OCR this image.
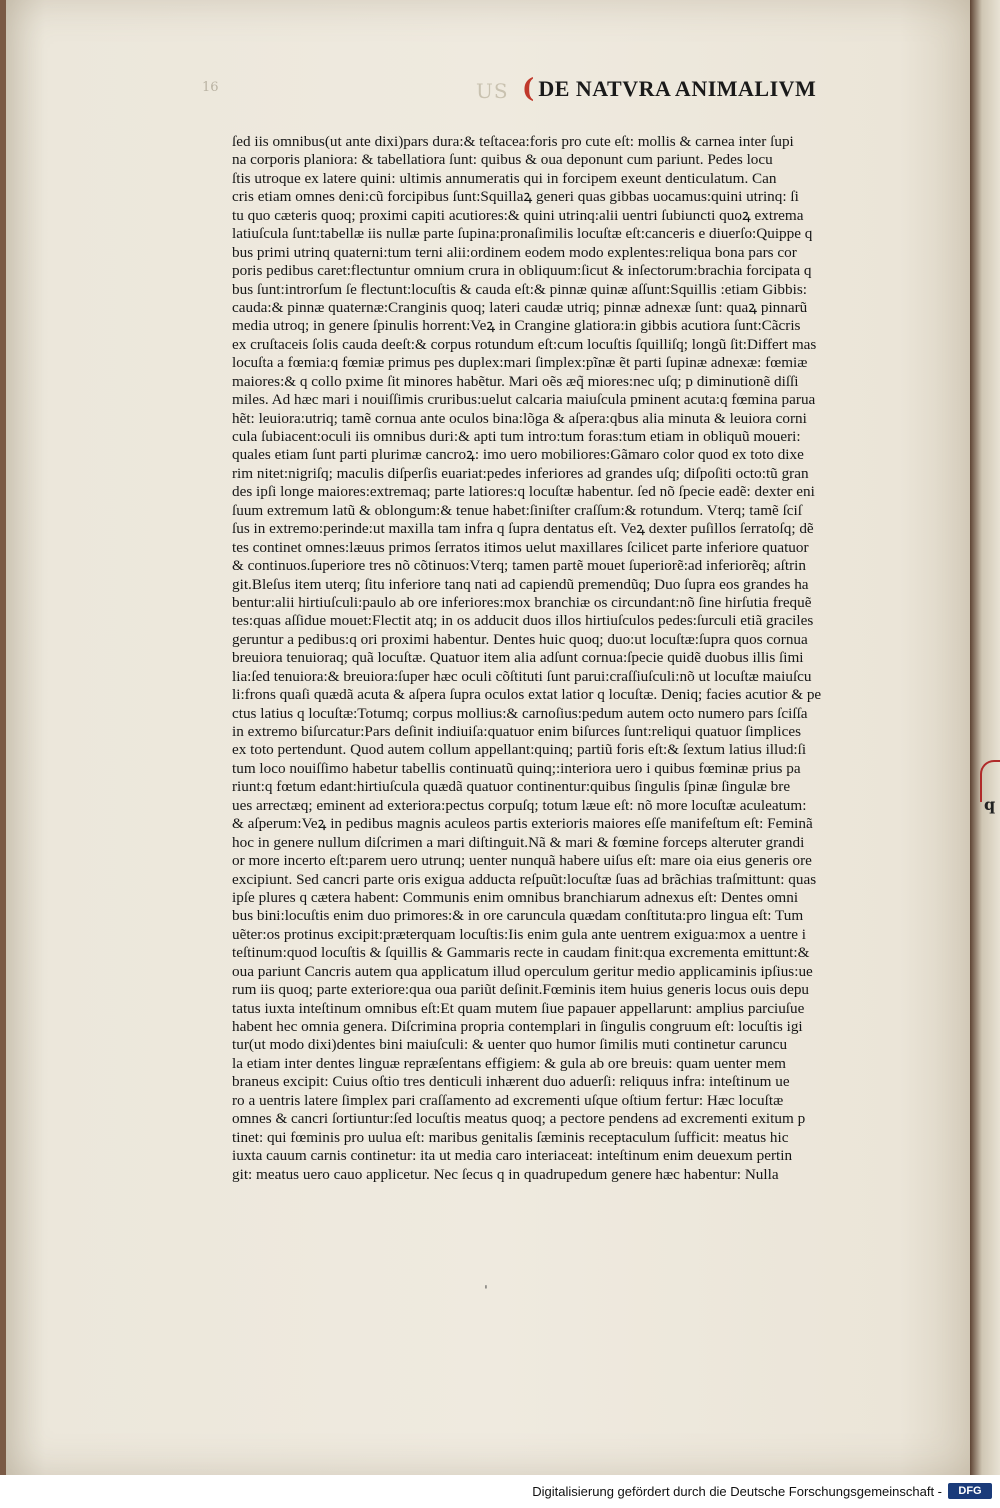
16	US ( DE NATVRA ANIMALIVM
ſed iis omnibus(ut ante dixi)pars dura:& teſtacea:foris pro cute eſt: mollis & carnea inter ſupi
na corporis planiora: & tabellatiora ſunt: quibus & oua deponunt cum pariunt. Pedes locu
ſtis utroque ex latere quini: ultimis annumeratis qui in forcipem exeunt denticulatum. Can
cris etiam omnes deni:cũ forcipibus ſunt:Squillaꝝ generi quas gibbas uocamus:quini utrinq: ſi
tu quo cæteris quoq; proximi capiti acutiores:& quini utrinq:alii uentri ſubiuncti quoꝝ extrema
latiuſcula ſunt:tabellæ iis nullæ parte ſupina:pronaſimilis locuſtæ eſt:canceris e diuerſo:Quippe q
bus primi utrinq quaterni:tum terni alii:ordinem eodem modo explentes:reliqua bona pars cor
poris pedibus caret:flectuntur omnium crura in obliquum:ſicut & inſectorum:brachia forcipata q
bus ſunt:introrſum ſe flectunt:locuſtis & cauda eſt:& pinnæ quinæ aſſunt:Squillis :etiam Gibbis:
cauda:& pinnæ quaternæ:Cranginis quoq; lateri caudæ utriq; pinnæ adnexæ ſunt: quaꝝ pinnarũ
media utroq; in genere ſpinulis horrent:Veꝝ in Crangine glatiora:in gibbis acutiora ſunt:Cãcris
ex cruſtaceis ſolis cauda deeſt:& corpus rotundum eſt:cum locuſtis ſquilliſq; longũ ſit:Differt mas
locuſta a fœmia:q fœmiæ primus pes duplex:mari ſimplex:pĩnæ ẽt parti ſupinæ adnexæ: fœmiæ
maiores:& q collo pxime ſit minores habẽtur. Mari oẽs æq̃ miores:nec uſq; p diminutionẽ diſſi
miles. Ad hæc mari i nouiſſimis cruribus:uelut calcaria maiuſcula pminent acuta:q fœmina parua
hẽt: leuiora:utriq; tamẽ cornua ante oculos bina:lõga & aſpera:qbus alia minuta & leuiora corni
cula ſubiacent:oculi iis omnibus duri:& apti tum intro:tum foras:tum etiam in obliquũ moueri:
quales etiam ſunt parti plurimæ cancroꝝ: imo uero mobiliores:Gãmaro color quod ex toto dixe
rim nitet:nigriſq; maculis diſperſis euariat:pedes inferiores ad grandes uſq; diſpoſiti octo:tũ gran
des ipſi longe maiores:extremaq; parte latiores:q locuſtæ habentur. ſed nõ ſpecie eadẽ: dexter eni
ſuum extremum latũ & oblongum:& tenue habet:ſiniſter craſſum:& rotundum. Vterq; tamẽ ſciſ
ſus in extremo:perinde:ut maxilla tam infra q ſupra dentatus eſt. Veꝝ dexter puſillos ſerratoſq; dẽ
tes continet omnes:læuus primos ſerratos itimos uelut maxillares ſcilicet parte inferiore quatuor
& continuos.ſuperiore tres nõ cõtinuos:Vterq; tamen partẽ mouet ſuperiorẽ:ad inferiorẽq; aſtrin
git.Bleſus item uterq; ſitu inferiore tanq nati ad capiendũ premendũq; Duo ſupra eos grandes ha
bentur:alii hirtiuſculi:paulo ab ore inferiores:mox branchiæ os circundant:nõ ſine hirſutia frequẽ
tes:quas aſſidue mouet:Flectit atq; in os adducit duos illos hirtiuſculos pedes:ſurculi etiã graciles
geruntur a pedibus:q ori proximi habentur. Dentes huic quoq; duo:ut locuſtæ:ſupra quos cornua
breuiora tenuioraq; quã locuſtæ. Quatuor item alia adſunt cornua:ſpecie quidẽ duobus illis ſimi
lia:ſed tenuiora:& breuiora:ſuper hæc oculi cõſtituti ſunt parui:craſſiuſculi:nõ ut locuſtæ maiuſcu
li:frons quaſi quædã acuta & aſpera ſupra oculos extat latior q locuſtæ. Deniq; facies acutior & pe
ctus latius q locuſtæ:Totumq; corpus mollius:& carnoſius:pedum autem octo numero pars ſciſſa
in extremo biſurcatur:Pars deſinit indiuiſa:quatuor enim biſurces ſunt:reliqui quatuor ſimplices
ex toto pertendunt. Quod autem collum appellant:quinq; partiũ foris eſt:& ſextum latius illud:ſi
tum loco nouiſſimo habetur tabellis continuatũ quinq;:interiora uero i quibus fœminæ prius pa
riunt:q fœtum edant:hirtiuſcula quædã quatuor continentur:quibus ſingulis ſpinæ ſingulæ bre
ues arrectæq; eminent ad exteriora:pectus corpuſq; totum læue eſt: nõ more locuſtæ aculeatum:
& aſperum:Veꝝ in pedibus magnis aculeos partis exterioris maiores eſſe manifeſtum eſt: Feminã
hoc in genere nullum diſcrimen a mari diſtinguit.Nã & mari & fœmine forceps alteruter grandi
or more incerto eſt:parem uero utrunq; uenter nunquã habere uiſus eſt: mare oia eius generis ore
excipiunt. Sed cancri parte oris exigua adducta reſpuũt:locuſtæ ſuas ad brãchias traſmittunt: quas
ipſe plures q cætera habent: Communis enim omnibus branchiarum adnexus eſt: Dentes omni
bus bini:locuſtis enim duo primores:& in ore caruncula quædam conſtituta:pro lingua eſt: Tum
uẽter:os protinus excipit:præterquam locuſtis:Iis enim gula ante uentrem exigua:mox a uentre i
teſtinum:quod locuſtis & ſquillis & Gammaris recte in caudam finit:qua excrementa emittunt:&
oua pariunt Cancris autem qua applicatum illud operculum geritur medio applicaminis ipſius:ue
rum iis quoq; parte exteriore:qua oua pariũt deſinit.Fœminis item huius generis locus ouis depu
tatus iuxta inteſtinum omnibus eſt:Et quam mutem ſiue papauer appellarunt: amplius parciuſue
habent hec omnia genera. Diſcrimina propria contemplari in ſingulis congruum eſt: locuſtis igi
tur(ut modo dixi)dentes bini maiuſculi: & uenter quo humor ſimilis muti continetur caruncu
la etiam inter dentes linguæ repræſentans effigiem: & gula ab ore breuis: quam uenter mem
braneus excipit: Cuius oſtio tres denticuli inhærent duo aduerſi: reliquus infra: inteſtinum ue
ro a uentris latere ſimplex pari craſſamento ad excrementi uſque oſtium fertur: Hæc locuſtæ
omnes & cancri ſortiuntur:ſed locuſtis meatus quoq; a pectore pendens ad excrementi exitum p
tinet: qui fœminis pro uulua eſt: maribus genitalis ſæminis receptaculum ſufficit: meatus hic
iuxta cauum carnis continetur: ita ut media caro interiaceat: inteſtinum enim deuexum pertin
git: meatus uero cauo applicetur. Nec ſecus q in quadrupedum genere hæc habentur: Nulla
ˌ
q
Digitalisierung gefördert durch die Deutsche Forschungsgemeinschaft -	DFG
